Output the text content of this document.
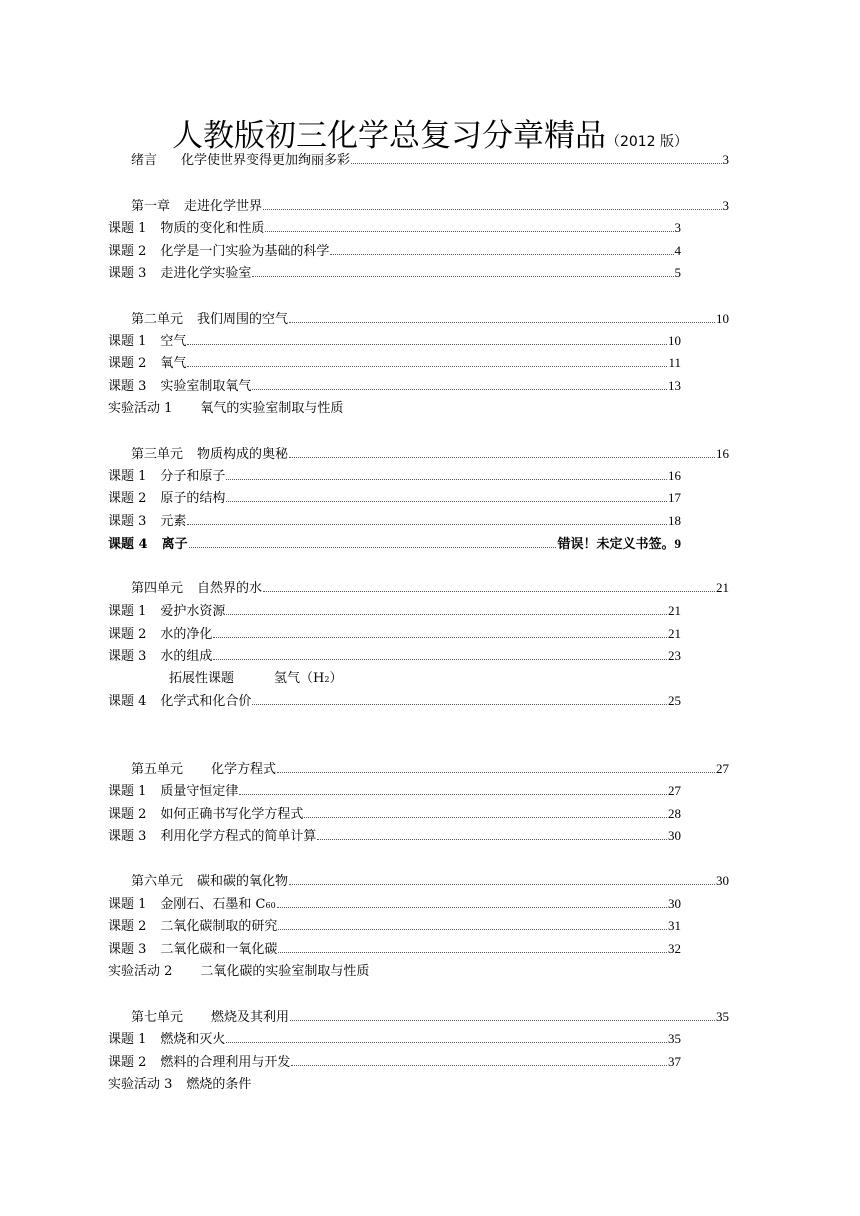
人教版初三化学总复习分章精品（2012 版）
绪言 化学使世界变得更加绚丽多彩	3
第一章 走进化学世界	3
课题 1 物质的变化和性质	3
课题 2 化学是一门实验为基础的科学	4
课题 3 走进化学实验室	5
第二单元 我们周围的空气	10
课题 1 空气	10
课题 2 氧气	11
课题 3 实验室制取氧气	13
实验活动 1 氧气的实验室制取与性质
第三单元 物质构成的奥秘	16
课题 1 分子和原子	16
课题 2 原子的结构	17
课题 3 元素	18
课题 4 离子	错误！未定义书签。9
第四单元 自然界的水	21
课题 1 爱护水资源	21
课题 2 水的净化	21
课题 3 水的组成	23
拓展性课题	氢气（H 2 ）
课题 4 化学式和化合价	25
第五单元 化学方程式	27
课题 1 质量守恒定律	27
课题 2 如何正确书写化学方程式	28
课题 3 利用化学方程式的简单计算	30
第六单元 碳和碳的氧化物	30
课题 1 金刚石、石墨和 C 60	30
课题 2 二氧化碳制取的研究	31
课题 3 二氧化碳和一氧化碳	32
实验活动 2 二氧化碳的实验室制取与性质
第七单元 燃烧及其利用	35
课题 1 燃烧和灭火	35
课题 2 燃料的合理利用与开发	37
实验活动 3 燃烧的条件
